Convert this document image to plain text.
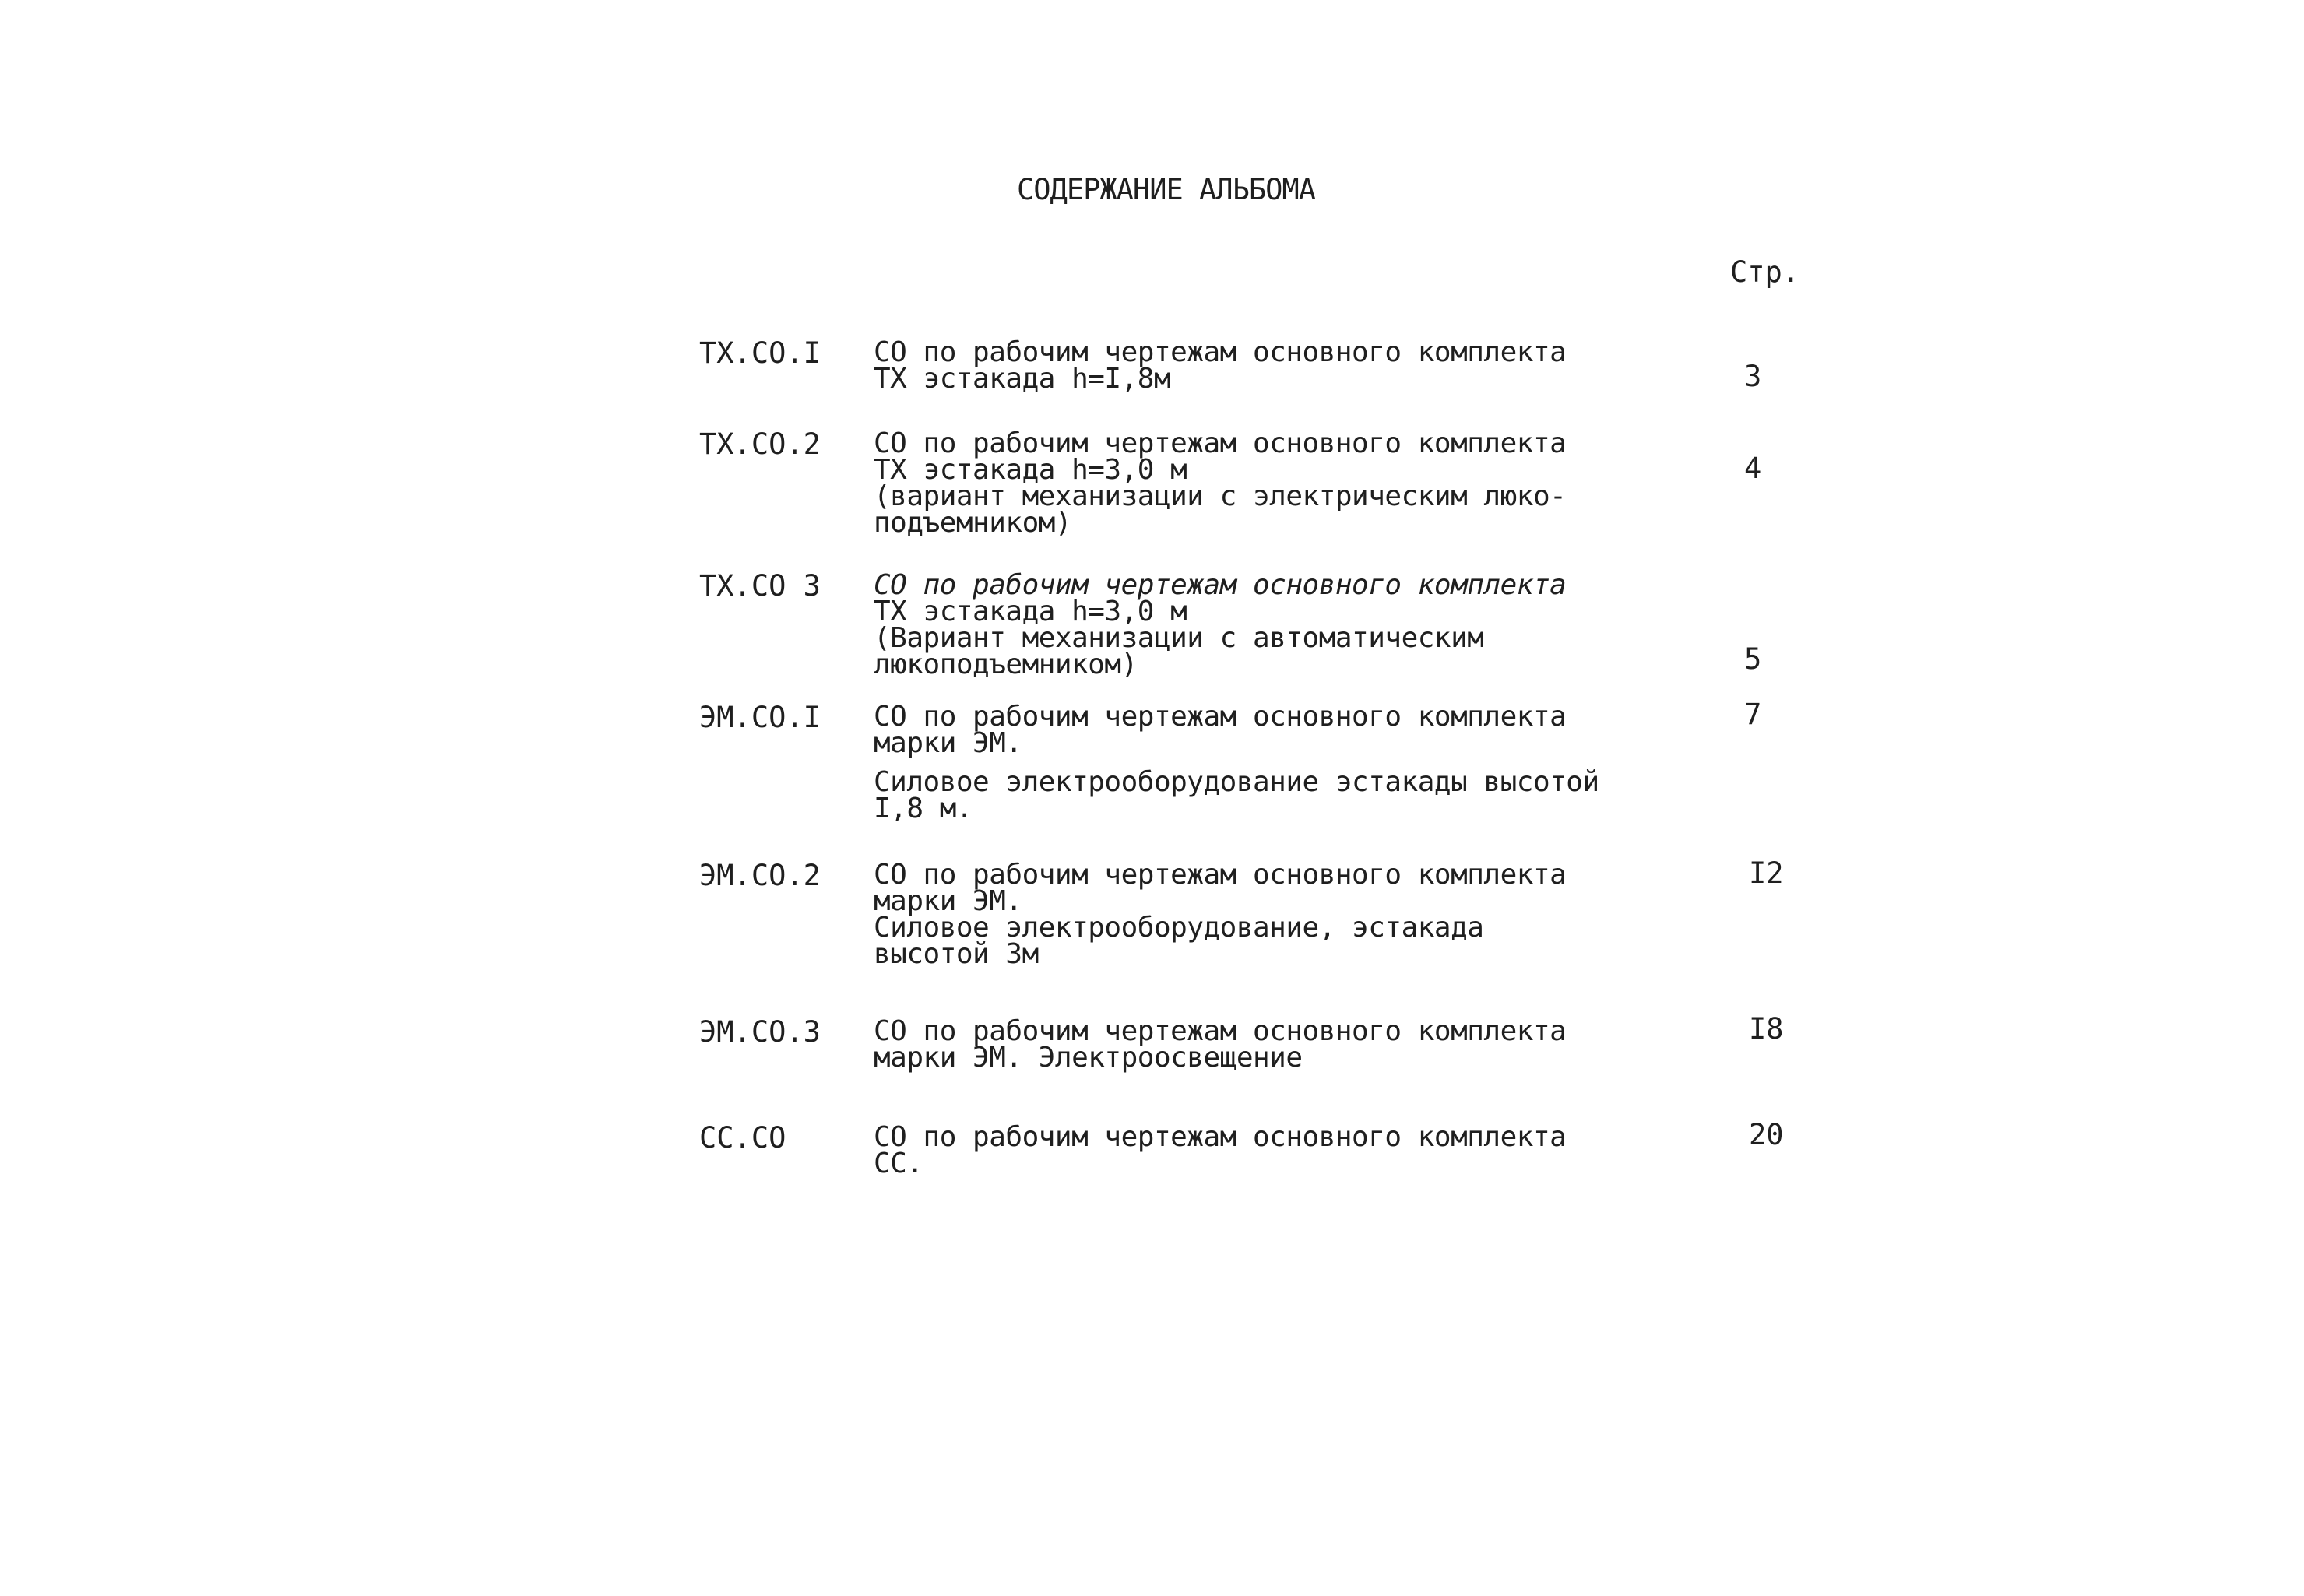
СОДЕРЖАНИЕ АЛЬБОМА
Стр.
ТХ.СО.I СО по рабочим чертежам основного комплекта
ТХ эстакада h=I,8м	3
ТХ.СО.2 СО по рабочим чертежам основного комплекта
ТХ эстакада h=3,0 м
(вариант механизации с электрическим люко-
подъемником)
4
ТХ.СО 3 СО по рабочим чертежам основного комплекта
ТХ эстакада h=3,0 м
(Вариант механизации с автоматическим
люкоподъемником)	5
ЭМ.СО.I СО по рабочим чертежам основного комплекта
марки ЭМ.
Силовое электрооборудование эстакады высотой
I,8 м.
7
ЭМ.СО.2 СО по рабочим чертежам основного комплекта
марки ЭМ.
Силовое электрооборудование, эстакада
высотой 3м
I2
ЭМ.СО.3 СО по рабочим чертежам основного комплекта
марки ЭМ. Электроосвещение
I8
СС.СО	СО по рабочим чертежам основного комплекта
СС.
20
